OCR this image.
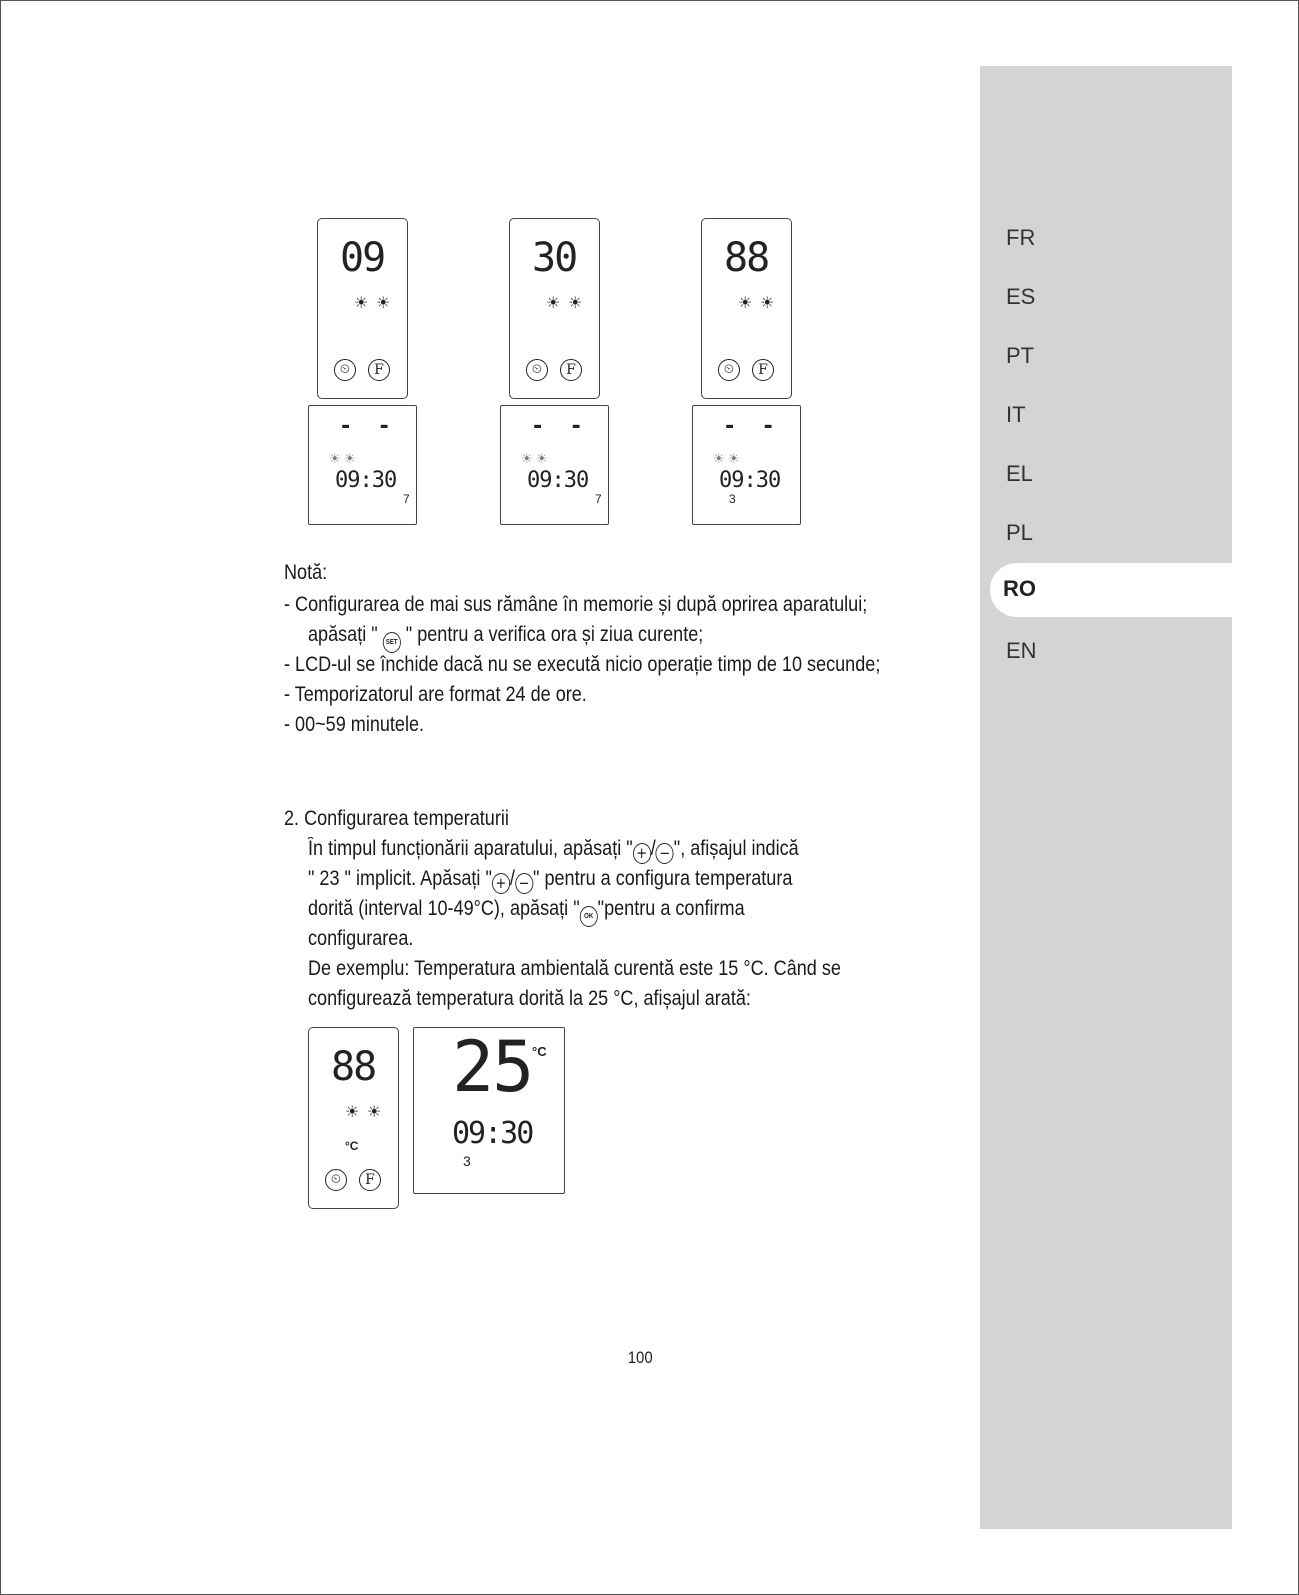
FR
ES
PT
IT
EL
PL
RO
EN
09
☀ ☀
⏲	F
- -
☀ ☀
09:30
7
30
☀ ☀
⏲	F
- -
☀ ☀
09:30
7
88
☀ ☀
⏲	F
- -
☀ ☀
09:30
3
Notă:
- Configurarea de mai sus rămâne în memorie și după oprirea aparatului;
apăsați " SET " pentru a verifica ora și ziua curente;
- LCD-ul se închide dacă nu se execută nicio operație timp de 10 secunde;
- Temporizatorul are format 24 de ore.
- 00~59 minutele.
2. Configurarea temperaturii
În timpul funcționării aparatului, apăsați " + / − ", afișajul indică
" 23 " implicit. Apăsați " + / − " pentru a configura temperatura
dorită (interval 10-49°C), apăsați " OK "pentru a confirma
configurarea.
De exemplu: Temperatura ambientală curentă este 15 °C. Când se
configurează temperatura dorită la 25 °C, afișajul arată:
88
☀ ☀
°C
⏲	F
25 °C
09:30
3
100
